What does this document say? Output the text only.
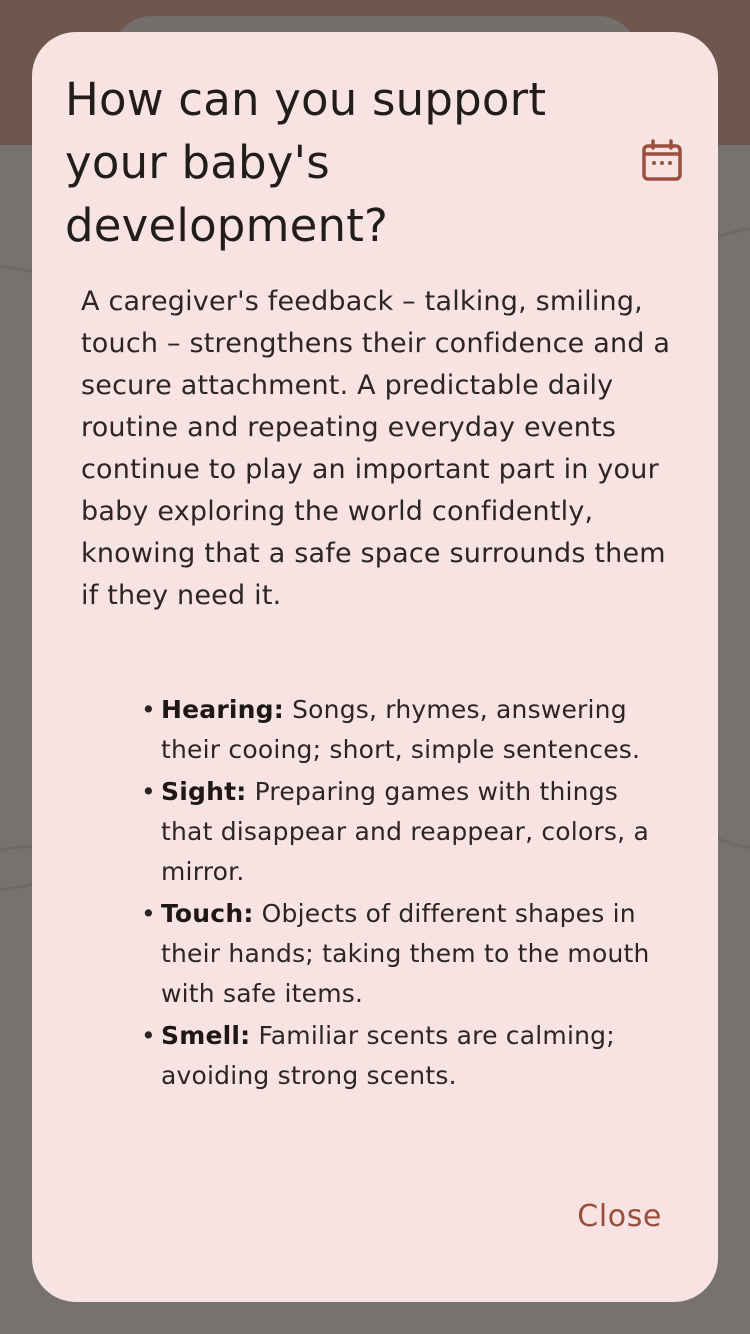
How can you support your baby's development?

A caregiver's feedback – talking, smiling, touch – strengthens their confidence and a secure attachment. A predictable daily routine and repeating everyday events continue to play an important part in your baby exploring the world confidently, knowing that a safe space surrounds them if they need it.

• Hearing: Songs, rhymes, answering their cooing; short, simple sentences.
• Sight: Preparing games with things that disappear and reappear, colors, a mirror.
• Touch: Objects of different shapes in their hands; taking them to the mouth with safe items.
• Smell: Familiar scents are calming; avoiding strong scents.
Close
